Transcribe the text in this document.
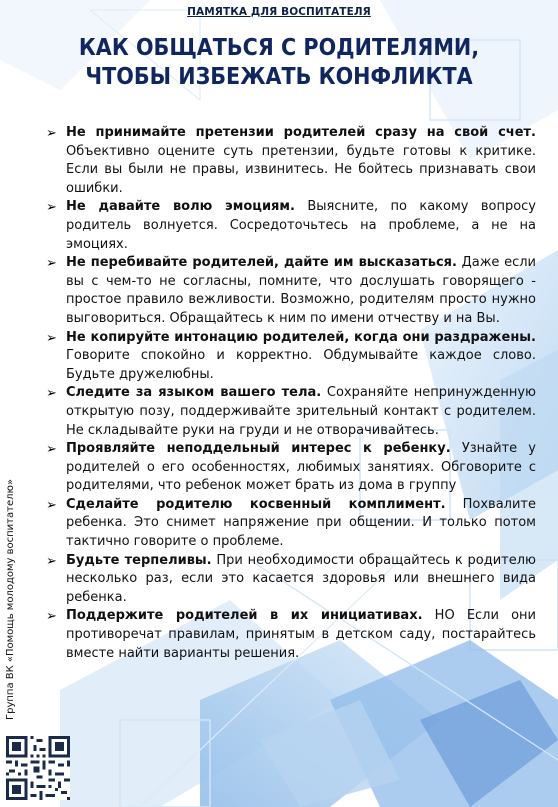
ПАМЯТКА ДЛЯ ВОСПИТАТЕЛЯ
КАК ОБЩАТЬСЯ С РОДИТЕЛЯМИ,
ЧТОБЫ ИЗБЕЖАТЬ КОНФЛИКТА
➢ Не принимайте претензии родителей сразу на свой счет. Объективно оцените суть претензии, будьте готовы к критике. Если вы были не правы, извинитесь. Не бойтесь признавать свои ошибки.
➢ Не давайте волю эмоциям. Выясните, по какому вопросу родитель волнуется. Сосредоточьтесь на проблеме, а не на эмоциях.
➢ Не перебивайте родителей, дайте им высказаться. Даже если вы с чем-то не согласны, помните, что дослушать говорящего - простое правило вежливости. Возможно, родителям просто нужно выговориться. Обращайтесь к ним по имени отчеству и на Вы.
➢ Не копируйте интонацию родителей, когда они раздражены. Говорите спокойно и корректно. Обдумывайте каждое слово. Будьте дружелюбны.
➢ Следите за языком вашего тела. Сохраняйте непринужденную открытую позу, поддерживайте зрительный контакт с родителем. Не складывайте руки на груди и не отворачивайтесь.
➢ Проявляйте неподдельный интерес к ребенку. Узнайте у родителей о его особенностях, любимых занятиях. Обговорите с родителями, что ребенок может брать из дома в группу
➢ Сделайте родителю косвенный комплимент. Похвалите ребенка. Это снимет напряжение при общении. И только потом тактично говорите о проблеме.
➢ Будьте терпеливы. При необходимости обращайтесь к родителю несколько раз, если это касается здоровья или внешнего вида ребенка.
➢ Поддержите родителей в их инициативах. НО Если они противоречат правилам, принятым в детском саду, постарайтесь вместе найти варианты решения.
Группа ВК «Помощь молодому воспитателю»
